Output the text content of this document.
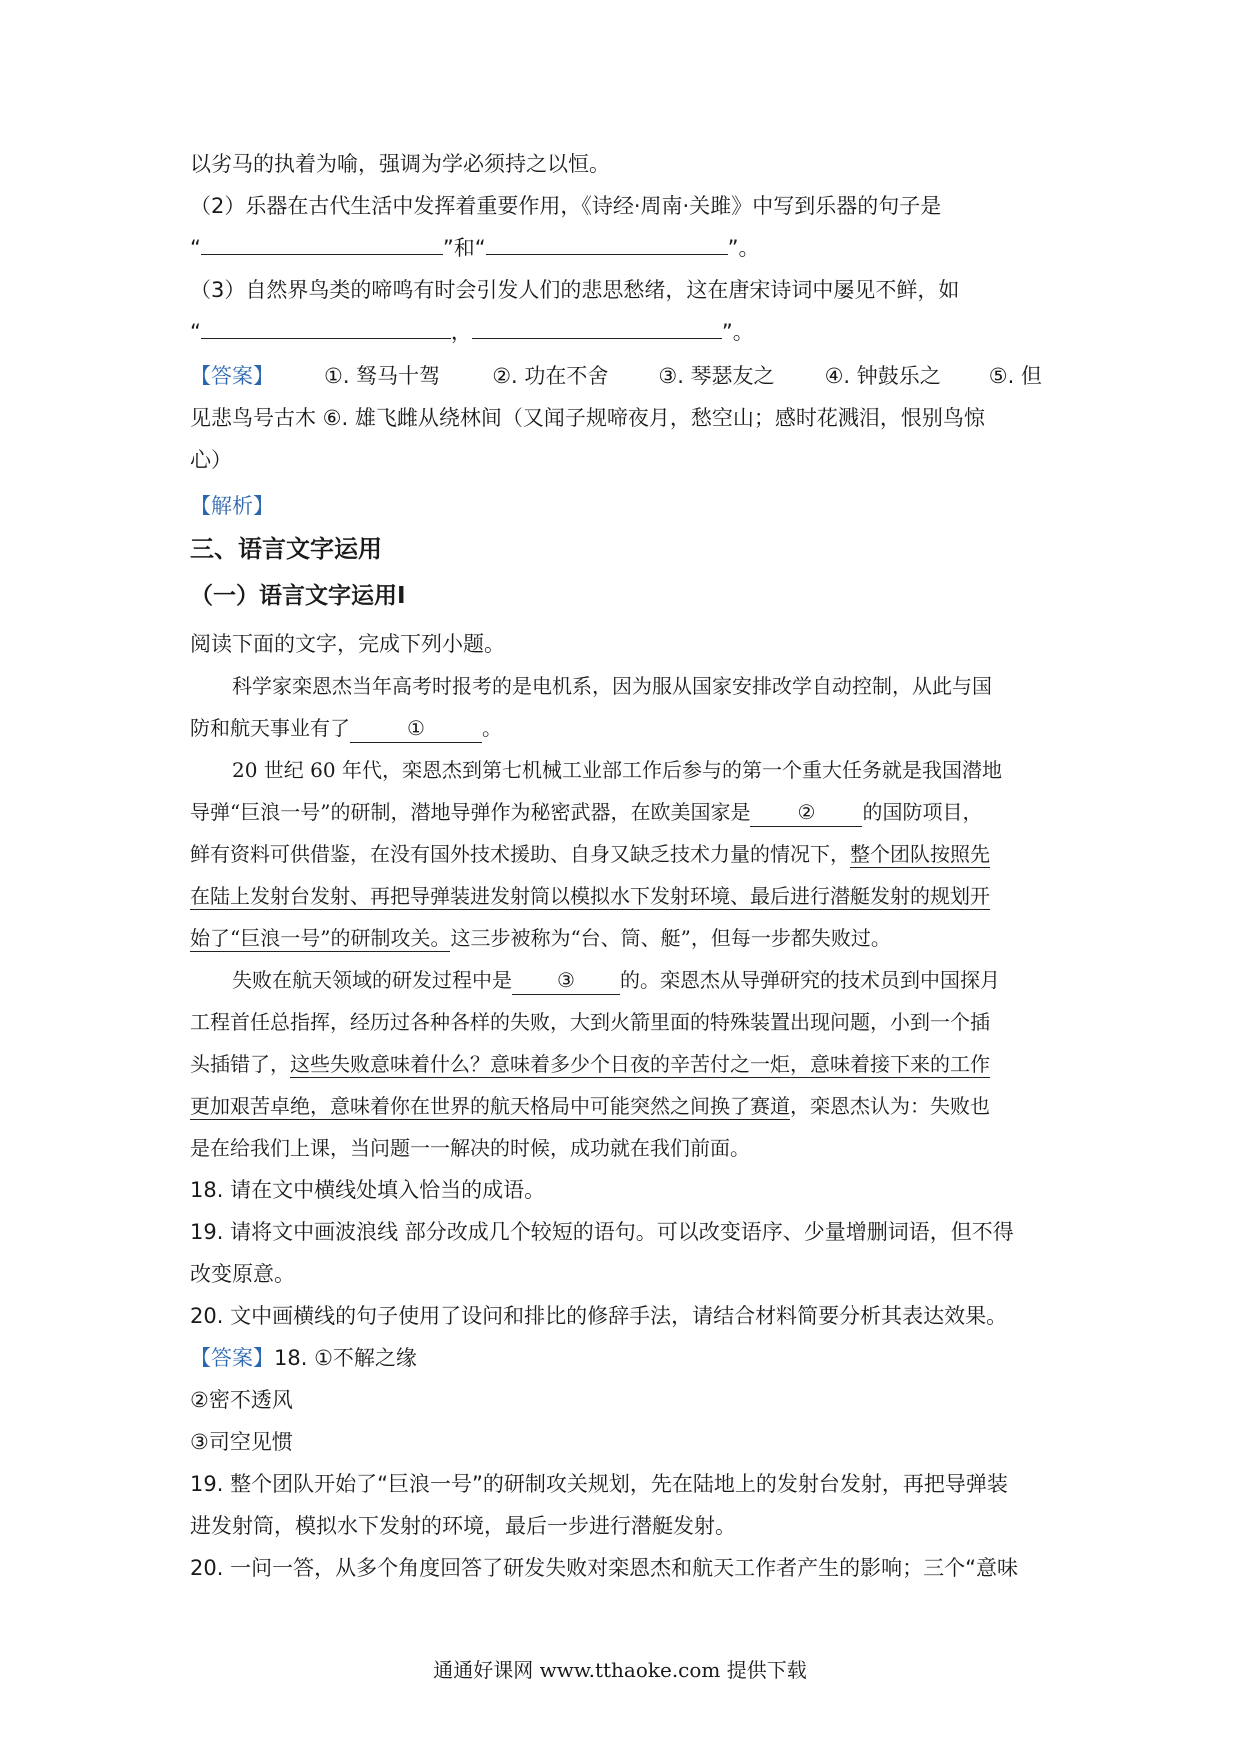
以劣马的执着为喻，强调为学必须持之以恒。
（2）乐器在古代生活中发挥着重要作用，《诗经·周南·关雎》中写到乐器的句子是
“	”和“	”。
（3）自然界鸟类的啼鸣有时会引发人们的悲思愁绪，这在唐宋诗词中屡见不鲜，如
“	，	”。
【答案】 ①. 驽马十驾 ②. 功在不舍 ③. 琴瑟友之 ④. 钟鼓乐之 ⑤. 但
见悲鸟号古木 ⑥. 雄飞雌从绕林间（又闻子规啼夜月，愁空山；感时花溅泪，恨别鸟惊
心）
【解析】
三、语言文字运用
（一）语言文字运用Ⅰ
阅读下面的文字，完成下列小题。
科学家栾恩杰当年高考时报考的是电机系，因为服从国家安排改学自动控制，从此与国
防和航天事业有了	①	。
20 世纪 60 年代，栾恩杰到第七机械工业部工作后参与的第一个重大任务就是我国潜地
导弹“巨浪一号”的研制，潜地导弹作为秘密武器，在欧美国家是 ② 的国防项目，
鲜有资料可供借鉴，在没有国外技术援助、自身又缺乏技术力量的情况下，整个团队按照先
在陆上发射台发射、再把导弹装进发射筒以模拟水下发射环境、最后进行潜艇发射的规划开
始了“巨浪一号”的研制攻关。这三步被称为“台、筒、艇”，但每一步都失败过。
失败在航天领域的研发过程中是 ③ 的。栾恩杰从导弹研究的技术员到中国探月
工程首任总指挥，经历过各种各样的失败，大到火箭里面的特殊装置出现问题，小到一个插
头插错了，这些失败意味着什么？意味着多少个日夜的辛苦付之一炬，意味着接下来的工作
更加艰苦卓绝，意味着你在世界的航天格局中可能突然之间换了赛道，栾恩杰认为：失败也
是在给我们上课，当问题一一解决的时候，成功就在我们前面。
18. 请在文中横线处填入恰当的成语。
19. 请将文中画波浪线 部分改成几个较短的语句。可以改变语序、少量增删词语，但不得
改变原意。
20. 文中画横线的句子使用了设问和排比的修辞手法，请结合材料简要分析其表达效果。
【答案】18. ①不解之缘
②密不透风
③司空见惯
19. 整个团队开始了“巨浪一号”的研制攻关规划，先在陆地上的发射台发射，再把导弹装
进发射筒，模拟水下发射的环境，最后一步进行潜艇发射。
20. 一问一答，从多个角度回答了研发失败对栾恩杰和航天工作者产生的影响；三个“意味
通通好课网 www.tthaoke.com 提供下载
